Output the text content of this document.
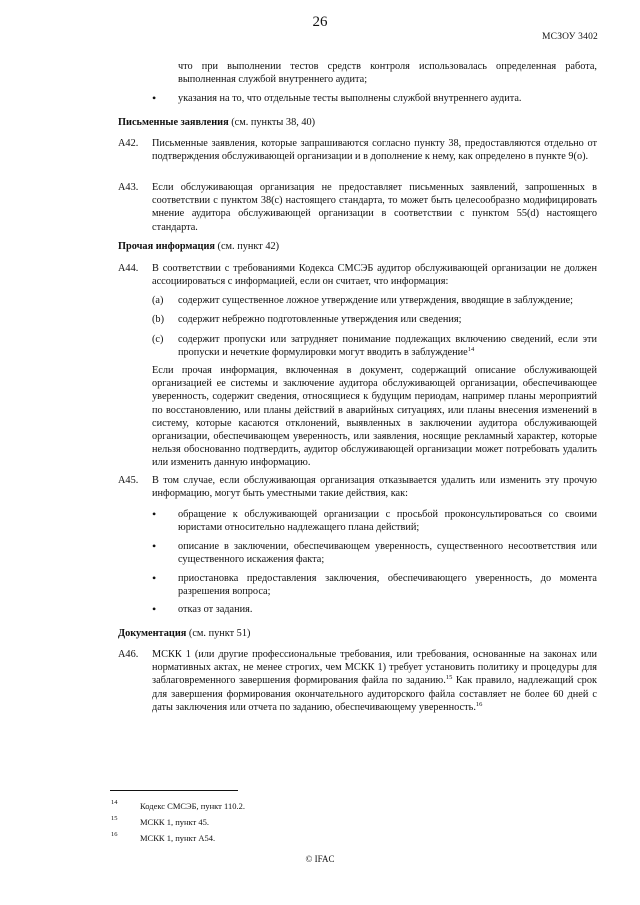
26
МСЗОУ 3402
что при выполнении тестов средств контроля использовалась определенная работа, выполненная службой внутреннего аудита;
• указания на то, что отдельные тесты выполнены службой внутреннего аудита.
Письменные заявления (см. пункты 38, 40)
A42. Письменные заявления, которые запрашиваются согласно пункту 38, предоставляются отдельно от подтверждения обслуживающей организации и в дополнение к нему, как определено в пункте 9(o).
A43. Если обслуживающая организация не предоставляет письменных заявлений, запрошенных в соответствии с пунктом 38(c) настоящего стандарта, то может быть целесообразно модифицировать мнение аудитора обслуживающей организации в соответствии с пунктом 55(d) настоящего стандарта.
Прочая информация (см. пункт 42)
A44. В соответствии с требованиями Кодекса СМСЭБ аудитор обслуживающей организации не должен ассоциироваться с информацией, если он считает, что информация:
(a) содержит существенное ложное утверждение или утверждения, вводящие в заблуждение;
(b) содержит небрежно подготовленные утверждения или сведения;
(c) содержит пропуски или затрудняет понимание подлежащих включению сведений, если эти пропуски и нечеткие формулировки могут вводить в заблуждение$^{14}$
Если прочая информация, включенная в документ, содержащий описание обслуживающей организацией ее системы и заключение аудитора обслуживающей организации, обеспечивающее уверенность, содержит сведения, относящиеся к будущим периодам, например планы мероприятий по восстановлению, или планы действий в аварийных ситуациях, или планы внесения изменений в систему, которые касаются отклонений, выявленных в заключении аудитора обслуживающей организации, обеспечивающем уверенность, или заявления, носящие рекламный характер, которые нельзя обоснованно подтвердить, аудитор обслуживающей организации может потребовать удалить или изменить данную информацию.
A45. В том случае, если обслуживающая организация отказывается удалить или изменить эту прочую информацию, могут быть уместными такие действия, как:
• обращение к обслуживающей организации с просьбой проконсультироваться со своими юристами относительно надлежащего плана действий;
• описание в заключении, обеспечивающем уверенность, существенного несоответствия или существенного искажения факта;
• приостановка предоставления заключения, обеспечивающего уверенность, до момента разрешения вопроса;
• отказ от задания.
Документация (см. пункт 51)
A46. МСКК 1 (или другие профессиональные требования, или требования, основанные на законах или нормативных актах, не менее строгих, чем МСКК 1) требует установить политику и процедуры для заблаговременного завершения формирования файла по заданию.$^{15}$ Как правило, надлежащий срок для завершения формирования окончательного аудиторского файла составляет не более 60 дней с даты заключения или отчета по заданию, обеспечивающему уверенность.$^{16}$
14	Кодекс СМСЭБ, пункт 110.2.
15	МСКК 1, пункт 45.
16	МСКК 1, пункт A54.
© IFAC
